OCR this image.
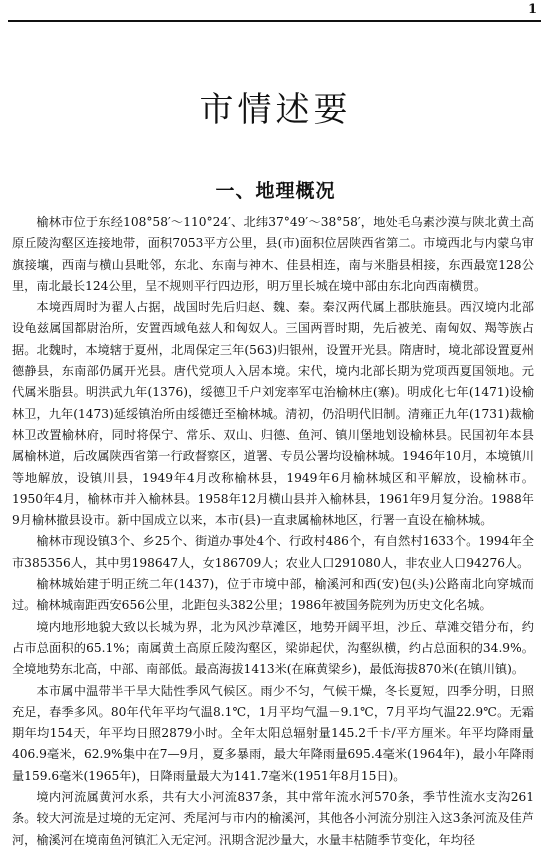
1
市情述要
一、地理概况

榆林市位于东经108°58′～110°24′、北纬37°49′～38°58′，地处毛乌素沙漠与陕北黄土高原丘陵沟壑区连接地带，面积7053平方公里，县(市)面积位居陕西省第二。市境西北与内蒙乌审旗接壤，西南与横山县毗邻，东北、东南与神木、佳县相连，南与米脂县相接，东西最宽128公里，南北最长124公里，呈不规则平行四边形，明万里长城在境中部由东北向西南横贯。

本境西周时为翟人占据，战国时先后归赵、魏、秦。秦汉两代属上郡肤施县。西汉境内北部设龟兹属国都尉治所，安置西域龟兹人和匈奴人。三国两晋时期，先后被羌、南匈奴、羯等族占据。北魏时，本境辖于夏州，北周保定三年(563)归银州，设置开光县。隋唐时，境北部设置夏州德静县，东南部仍属开光县。唐代党项人入居本境。宋代，境内北部长期为党项西夏国领地。元代属米脂县。明洪武九年(1376)，绥德卫千户刘宠率军屯治榆林庄(寨)。明成化七年(1471)设榆林卫，九年(1473)延绥镇治所由绥德迁至榆林城。清初，仍沿明代旧制。清雍正九年(1731)裁榆林卫改置榆林府，同时将保宁、常乐、双山、归德、鱼河、镇川堡地划设榆林县。民国初年本县属榆林道，后改属陕西省第一行政督察区，道署、专员公署均设榆林城。1946年10月，本境镇川等地解放，设镇川县，1949年4月改称榆林县，1949年6月榆林城区和平解放，设榆林市。1950年4月，榆林市并入榆林县。1958年12月横山县并入榆林县，1961年9月复分治。1988年9月榆林撤县设市。新中国成立以来，本市(县)一直隶属榆林地区，行署一直设在榆林城。

榆林市现设镇3个、乡25个、街道办事处4个、行政村486个，有自然村1633个。1994年全市385356人，其中男198647人，女186709人；农业人口291080人，非农业人口94276人。

榆林城始建于明正统二年(1437)，位于市境中部，榆溪河和西(安)包(头)公路南北向穿城而过。榆林城南距西安656公里，北距包头382公里；1986年被国务院列为历史文化名城。

境内地形地貌大致以长城为界，北为风沙草滩区，地势开阔平坦，沙丘、草滩交错分布，约占市总面积的65.1%；南属黄土高原丘陵沟壑区，梁峁起伏，沟壑纵横，约占总面积的34.9%。全境地势东北高，中部、南部低。最高海拔1413米(在麻黄梁乡)，最低海拔870米(在镇川镇)。

本市属中温带半干旱大陆性季风气候区。雨少不匀，气候干燥，冬长夏短，四季分明，日照充足，春季多风。80年代年平均气温8.1℃，1月平均气温－9.1℃，7月平均气温22.9℃。无霜期年均154天，年平均日照2879小时。全年太阳总辐射量145.2千卡/平方厘米。年平均降雨量406.9毫米，62.9%集中在7—9月，夏多暴雨，最大年降雨量695.4毫米(1964年)，最小年降雨量159.6毫米(1965年)，日降雨量最大为141.7毫米(1951年8月15日)。

境内河流属黄河水系，共有大小河流837条，其中常年流水河570条，季节性流水支沟261条。较大河流是过境的无定河、秃尾河与市内的榆溪河，其他各小河流分别注入这3条河流及佳芦河，榆溪河在境南鱼河镇汇入无定河。汛期含泥沙量大，水量丰枯随季节变化，年均径
